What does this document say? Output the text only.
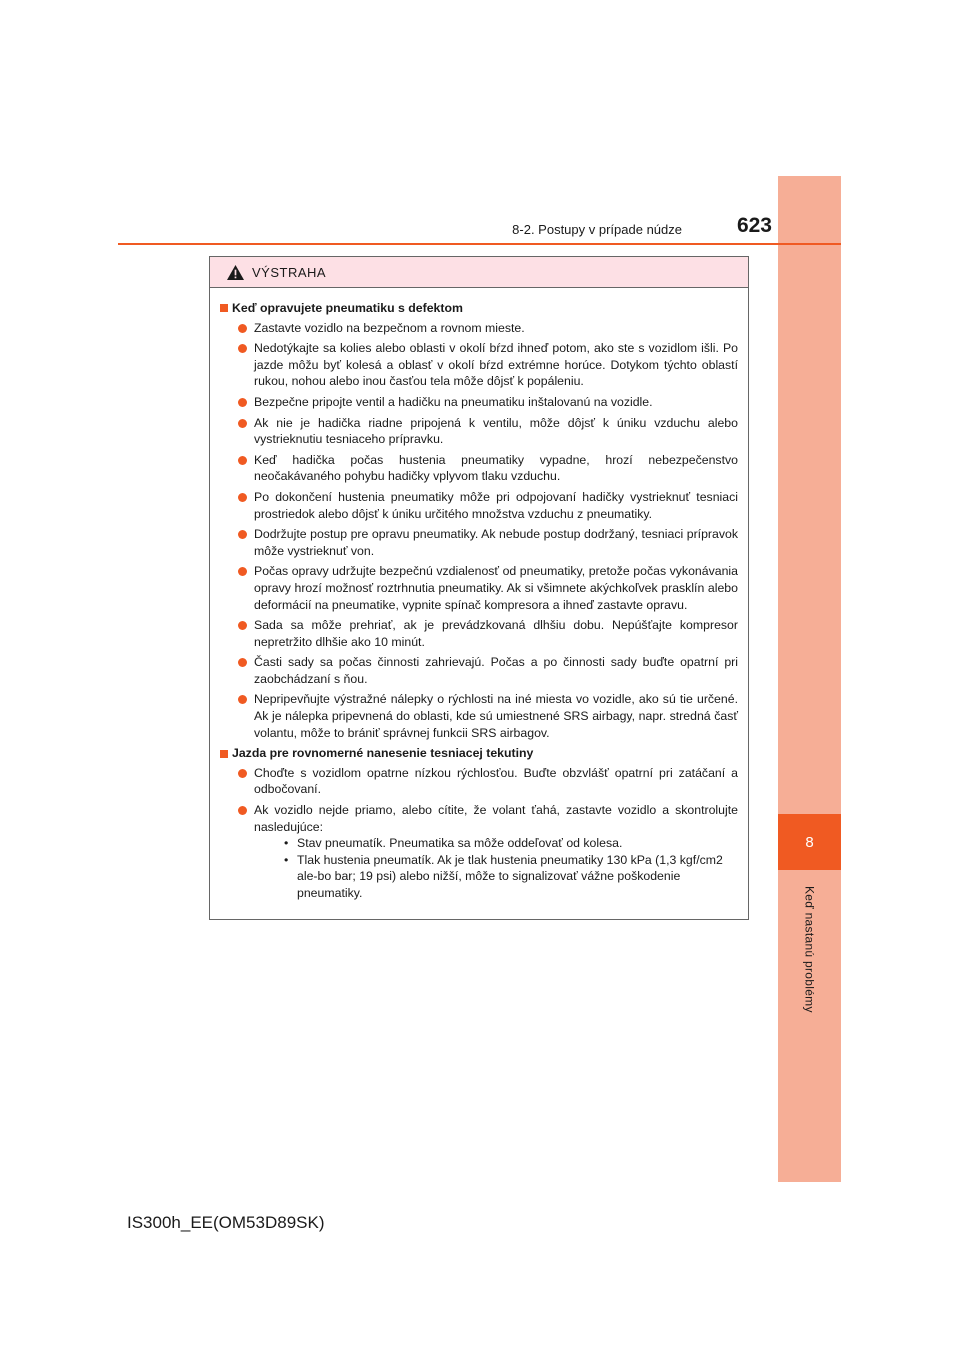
8
Keď nastanú problémy
8-2. Postupy v prípade núdze	623
VÝSTRAHA
Keď opravujete pneumatiku s defektom
Zastavte vozidlo na bezpečnom a rovnom mieste.
Nedotýkajte sa kolies alebo oblasti v okolí bŕzd ihneď potom, ako ste s vozidlom išli. Po jazde môžu byť kolesá a oblasť v okolí bŕzd extrémne horúce. Dotykom týchto oblastí rukou, nohou alebo inou časťou tela môže dôjsť k popáleniu.
Bezpečne pripojte ventil a hadičku na pneumatiku inštalovanú na vozidle.
Ak nie je hadička riadne pripojená k ventilu, môže dôjsť k úniku vzduchu alebo vystrieknutiu tesniaceho prípravku.
Keď hadička počas hustenia pneumatiky vypadne, hrozí nebezpečenstvo neočakávaného pohybu hadičky vplyvom tlaku vzduchu.
Po dokončení hustenia pneumatiky môže pri odpojovaní hadičky vystrieknuť tesniaci prostriedok alebo dôjsť k úniku určitého množstva vzduchu z pneumatiky.
Dodržujte postup pre opravu pneumatiky. Ak nebude postup dodržaný, tesniaci prípravok môže vystrieknuť von.
Počas opravy udržujte bezpečnú vzdialenosť od pneumatiky, pretože počas vykonávania opravy hrozí možnosť roztrhnutia pneumatiky. Ak si všimnete akýchkoľvek prasklín alebo deformácií na pneumatike, vypnite spínač kompresora a ihneď zastavte opravu.
Sada sa môže prehriať, ak je prevádzkovaná dlhšiu dobu. Nepúšťajte kompresor nepretržito dlhšie ako 10 minút.
Časti sady sa počas činnosti zahrievajú. Počas a po činnosti sady buďte opatrní pri zaobchádzaní s ňou.
Nepripevňujte výstražné nálepky o rýchlosti na iné miesta vo vozidle, ako sú tie určené. Ak je nálepka pripevnená do oblasti, kde sú umiestnené SRS airbagy, napr. stredná časť volantu, môže to brániť správnej funkcii SRS airbagov.
Jazda pre rovnomerné nanesenie tesniacej tekutiny
Choďte s vozidlom opatrne nízkou rýchlosťou. Buďte obzvlášť opatrní pri zatáčaní a odbočovaní.
Ak vozidlo nejde priamo, alebo cítite, že volant ťahá, zastavte vozidlo a skontrolujte nasledujúce:
• Stav pneumatík. Pneumatika sa môže oddeľovať od kolesa.
• Tlak hustenia pneumatík. Ak je tlak hustenia pneumatiky 130 kPa (1,3 kgf/cm2 ale-bo bar; 19 psi) alebo nižší, môže to signalizovať vážne poškodenie pneumatiky.
IS300h_EE(OM53D89SK)
